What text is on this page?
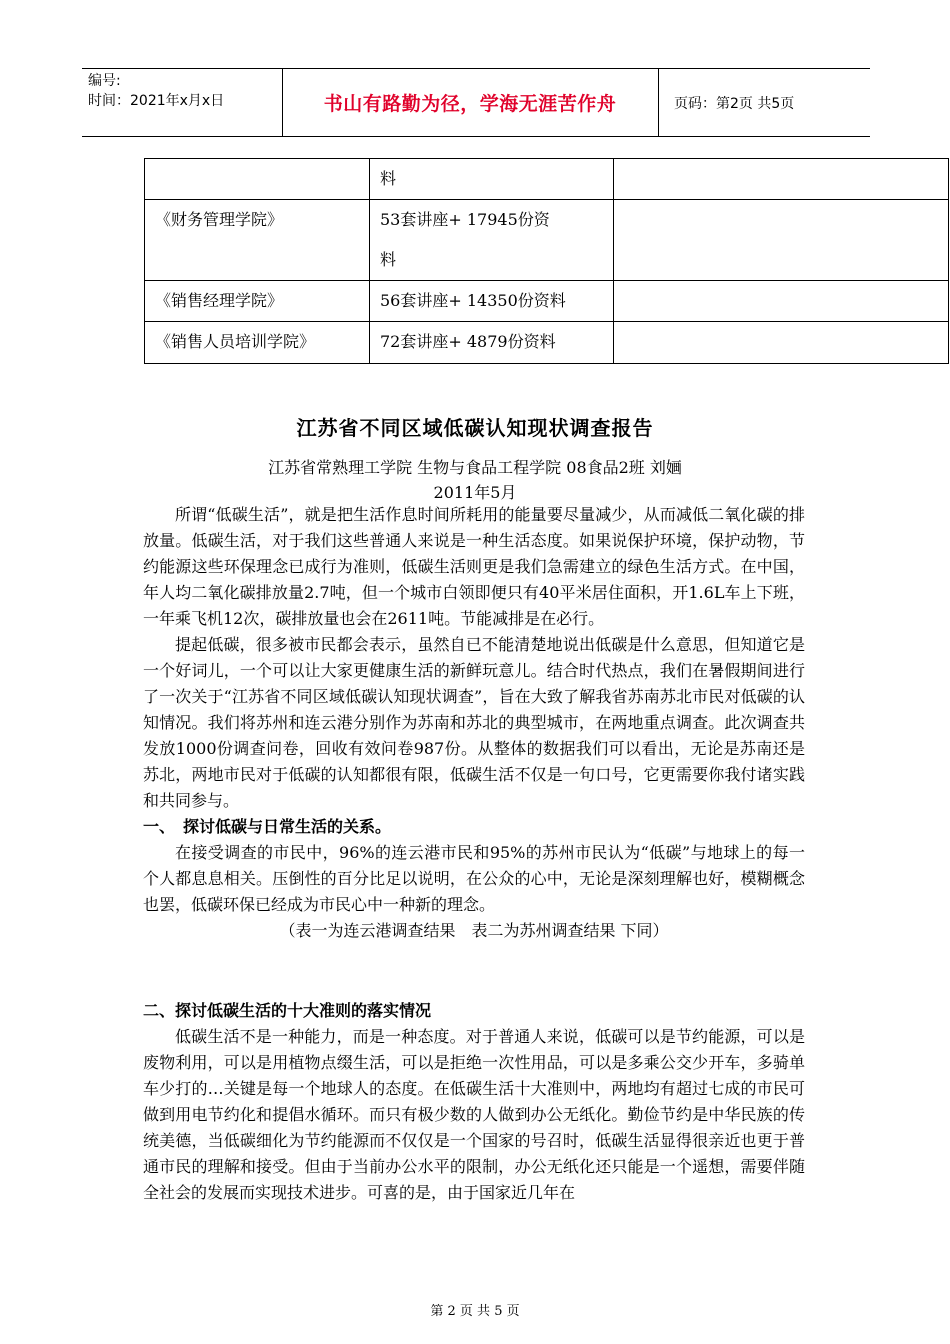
编号:
时间：2021年x月x日	书山有路勤为径，学海无涯苦作舟	页码：第2页 共5页

	料	

《财务管理学院》	53套讲座+ 17945份资
料	

《销售经理学院》	56套讲座+ 14350份资料	

《销售人员培训学院》	72套讲座+ 4879份资料	

江苏省不同区域低碳认知现状调查报告
江苏省常熟理工学院 生物与食品工程学院 08食品2班 刘婳
2011年5月

所谓“低碳生活”，就是把生活作息时间所耗用的能量要尽量减少，从而减低二氧化碳的排放量。低碳生活，对于我们这些普通人来说是一种生活态度。如果说保护环境，保护动物，节约能源这些环保理念已成行为准则，低碳生活则更是我们急需建立的绿色生活方式。在中国，年人均二氧化碳排放量2.7吨，但一个城市白领即便只有40平米居住面积，开1.6L车上下班，一年乘飞机12次，碳排放量也会在2611吨。节能减排是在必行。

提起低碳，很多被市民都会表示，虽然自已不能清楚地说出低碳是什么意思，但知道它是一个好词儿，一个可以让大家更健康生活的新鲜玩意儿。结合时代热点，我们在暑假期间进行了一次关于“江苏省不同区域低碳认知现状调查”，旨在大致了解我省苏南苏北市民对低碳的认知情况。我们将苏州和连云港分别作为苏南和苏北的典型城市，在两地重点调查。此次调查共发放1000份调查问卷，回收有效问卷987份。从整体的数据我们可以看出，无论是苏南还是苏北，两地市民对于低碳的认知都很有限，低碳生活不仅是一句口号，它更需要你我付诸实践和共同参与。

一、　探讨低碳与日常生活的关系。

在接受调查的市民中，96%的连云港市民和95%的苏州市民认为“低碳”与地球上的每一个人都息息相关。压倒性的百分比足以说明，在公众的心中，无论是深刻理解也好，模糊概念也罢，低碳环保已经成为市民心中一种新的理念。

（表一为连云港调查结果　表二为苏州调查结果 下同）

二、探讨低碳生活的十大准则的落实情况

低碳生活不是一种能力，而是一种态度。对于普通人来说，低碳可以是节约能源，可以是废物利用，可以是用植物点缀生活，可以是拒绝一次性用品，可以是多乘公交少开车，多骑单车少打的…关键是每一个地球人的态度。在低碳生活十大准则中，两地均有超过七成的市民可做到用电节约化和提倡水循环。而只有极少数的人做到办公无纸化。勤俭节约是中华民族的传统美德，当低碳细化为节约能源而不仅仅是一个国家的号召时，低碳生活显得很亲近也更于普通市民的理解和接受。但由于当前办公水平的限制，办公无纸化还只能是一个遥想，需要伴随全社会的发展而实现技术进步。可喜的是，由于国家近几年在

第 2 页 共 5 页
